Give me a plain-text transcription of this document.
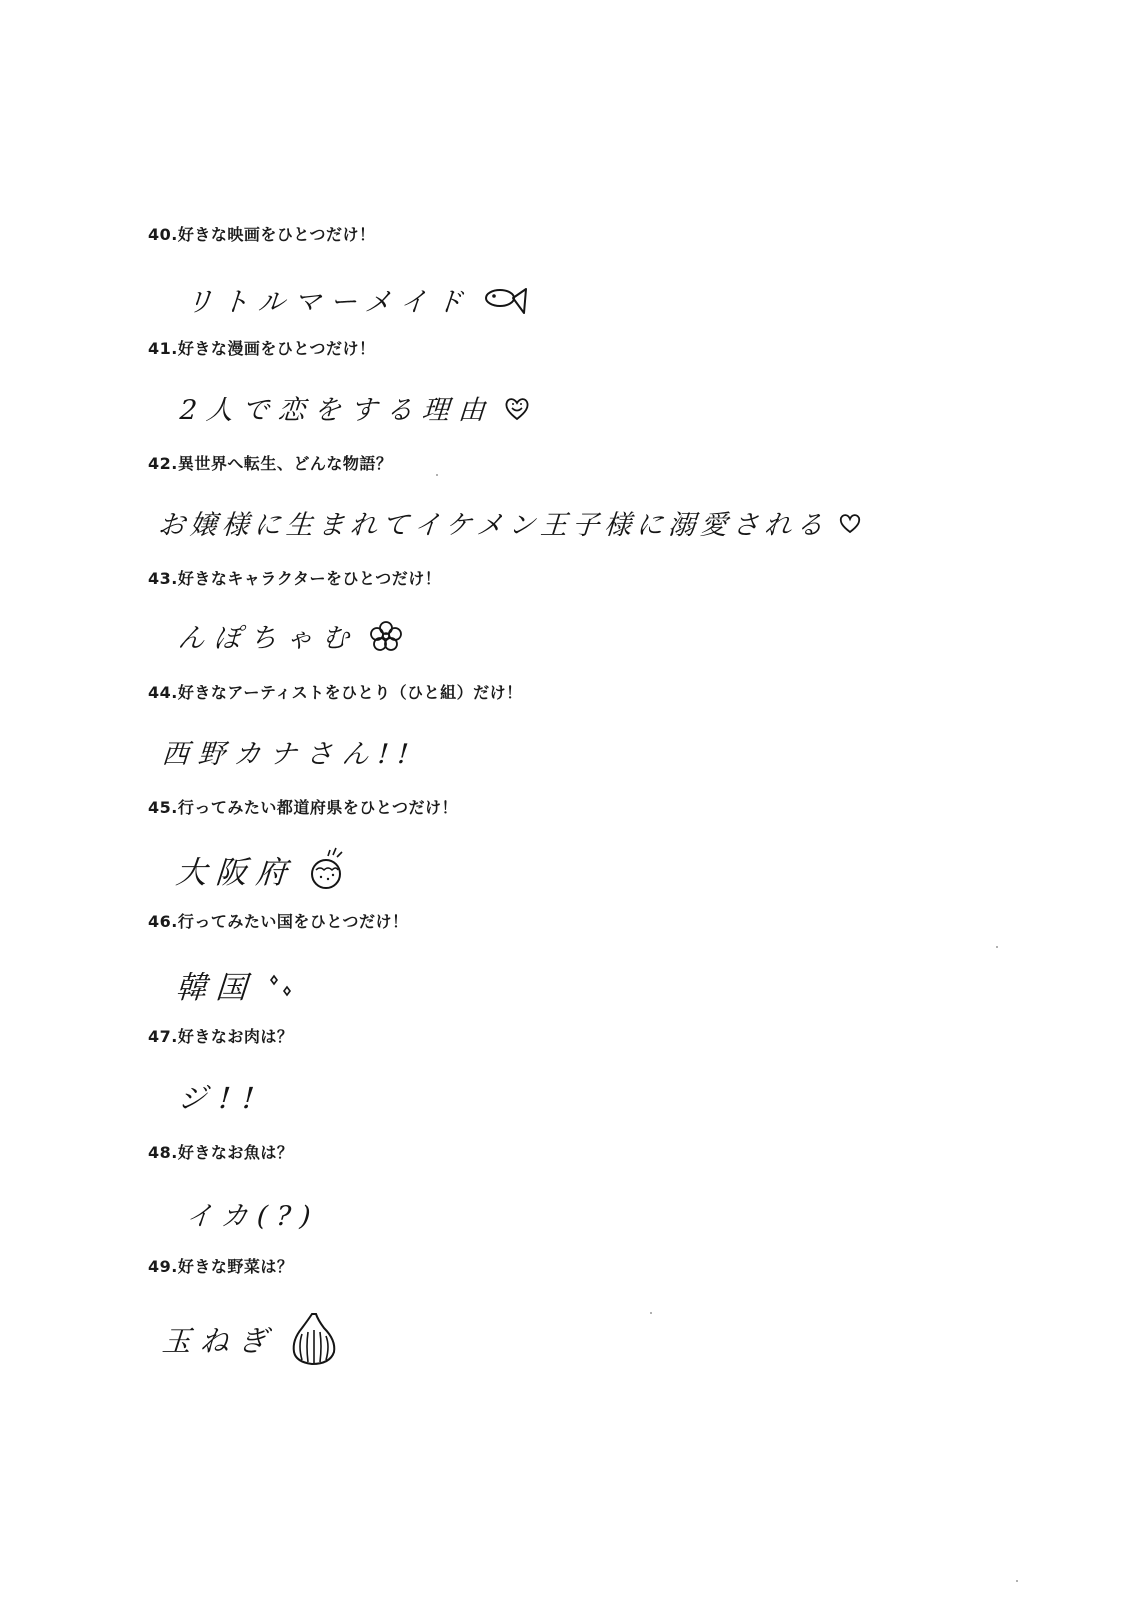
40.好きな映画をひとつだけ！
リトルマーメイド
41.好きな漫画をひとつだけ！
2人で恋をする理由
42.異世界へ転生、どんな物語？
お嬢様に生まれてイケメン王子様に溺愛される
43.好きなキャラクターをひとつだけ！
んぽちゃむ
44.好きなアーティストをひとり（ひと組）だけ！
西野カナさん!!
45.行ってみたい都道府県をひとつだけ！
大阪府
46.行ってみたい国をひとつだけ！
韓国
47.好きなお肉は？
ジ!!
48.好きなお魚は？
イカ(?)
49.好きな野菜は？
玉ねぎ
